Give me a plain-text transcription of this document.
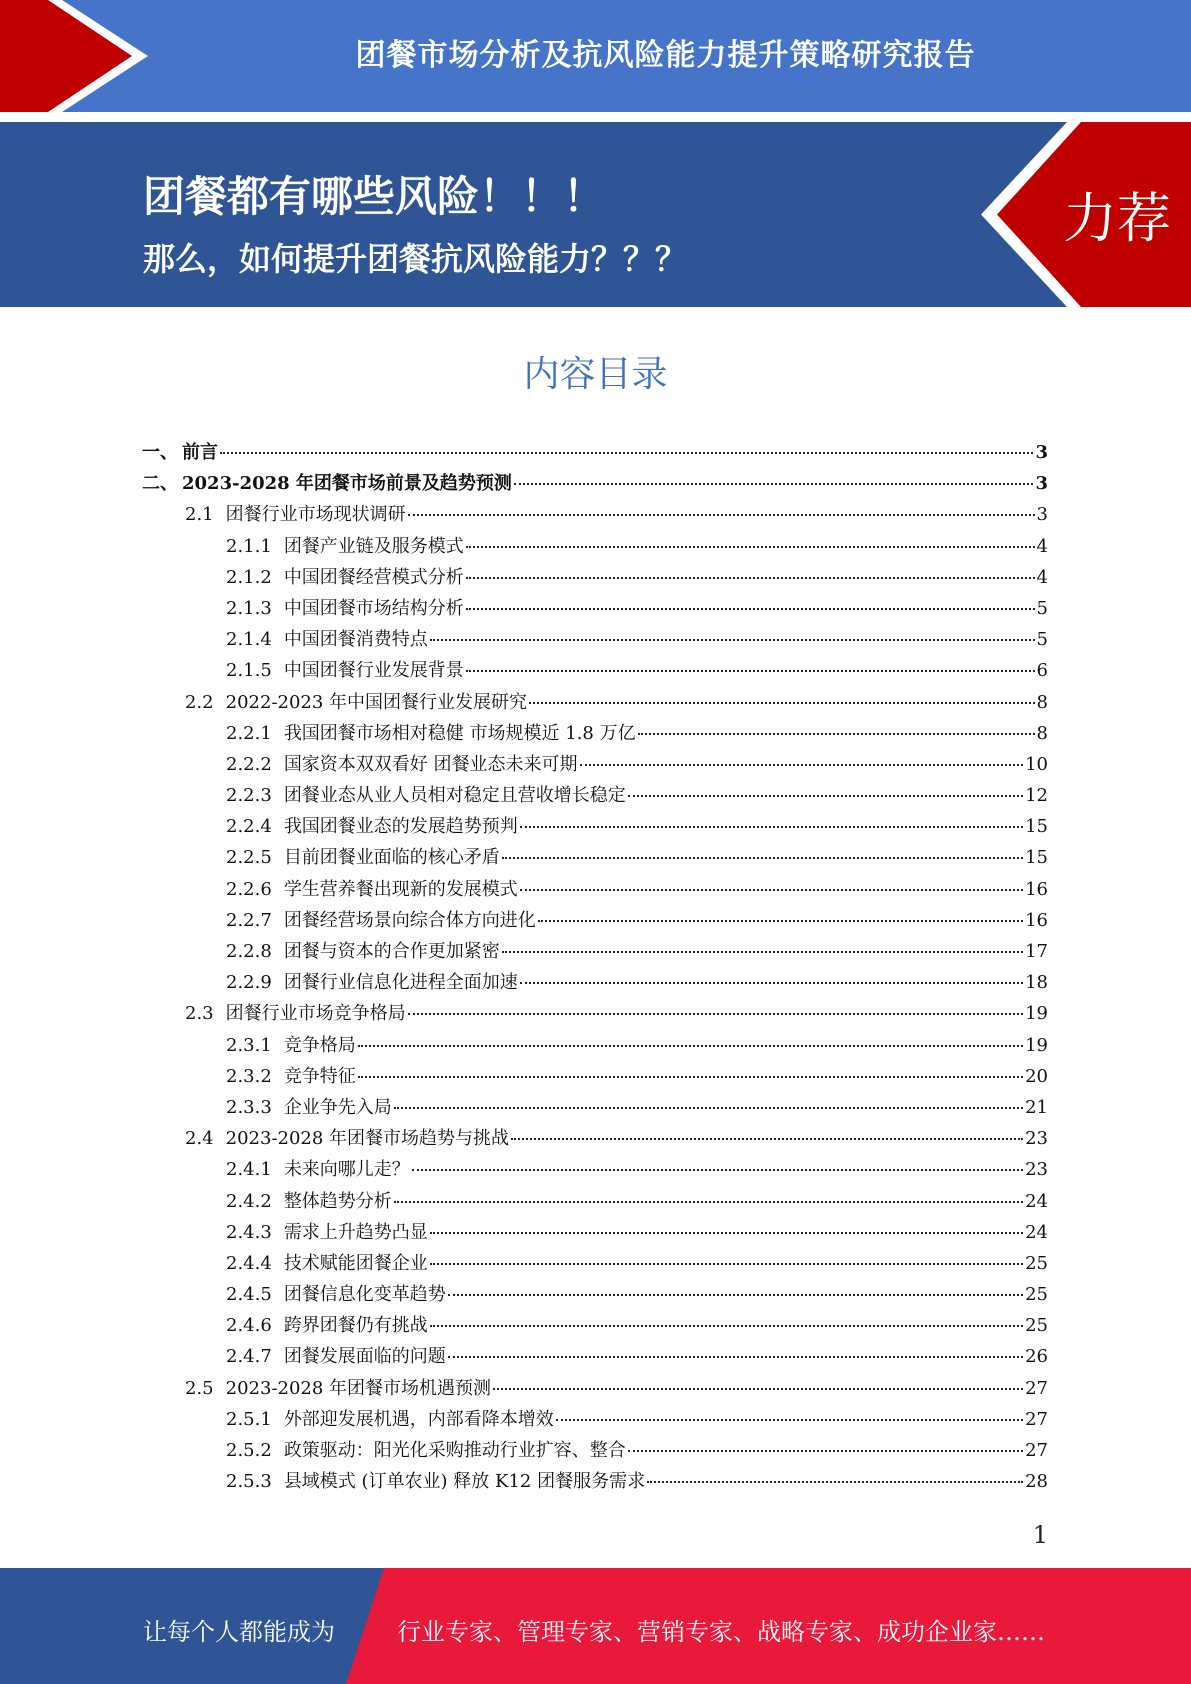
团餐市场分析及抗风险能力提升策略研究报告
团餐都有哪些风险！！！
那么，如何提升团餐抗风险能力？？？
力荐
内容目录
一、 前言	3
二、 2023-2028 年团餐市场前景及趋势预测	3
2.1 团餐行业市场现状调研	3
2.1.1 团餐产业链及服务模式	4
2.1.2 中国团餐经营模式分析	4
2.1.3 中国团餐市场结构分析	5
2.1.4 中国团餐消费特点	5
2.1.5 中国团餐行业发展背景	6
2.2 2022-2023 年中国团餐行业发展研究	8
2.2.1 我国团餐市场相对稳健 市场规模近 1.8 万亿	8
2.2.2 国家资本双双看好 团餐业态未来可期	10
2.2.3 团餐业态从业人员相对稳定且营收增长稳定	12
2.2.4 我国团餐业态的发展趋势预判	15
2.2.5 目前团餐业面临的核心矛盾	15
2.2.6 学生营养餐出现新的发展模式	16
2.2.7 团餐经营场景向综合体方向进化	16
2.2.8 团餐与资本的合作更加紧密	17
2.2.9 团餐行业信息化进程全面加速	18
2.3 团餐行业市场竞争格局	19
2.3.1 竞争格局	19
2.3.2 竞争特征	20
2.3.3 企业争先入局	21
2.4 2023-2028 年团餐市场趋势与挑战	23
2.4.1 未来向哪儿走？	23
2.4.2 整体趋势分析	24
2.4.3 需求上升趋势凸显	24
2.4.4 技术赋能团餐企业	25
2.4.5 团餐信息化变革趋势	25
2.4.6 跨界团餐仍有挑战	25
2.4.7 团餐发展面临的问题	26
2.5 2023-2028 年团餐市场机遇预测	27
2.5.1 外部迎发展机遇，内部看降本增效	27
2.5.2 政策驱动：阳光化采购推动行业扩容、整合	27
2.5.3 县域模式 (订单农业) 释放 K12 团餐服务需求	28
1
让每个人都能成为	行业专家、管理专家、营销专家、战略专家、成功企业家……
